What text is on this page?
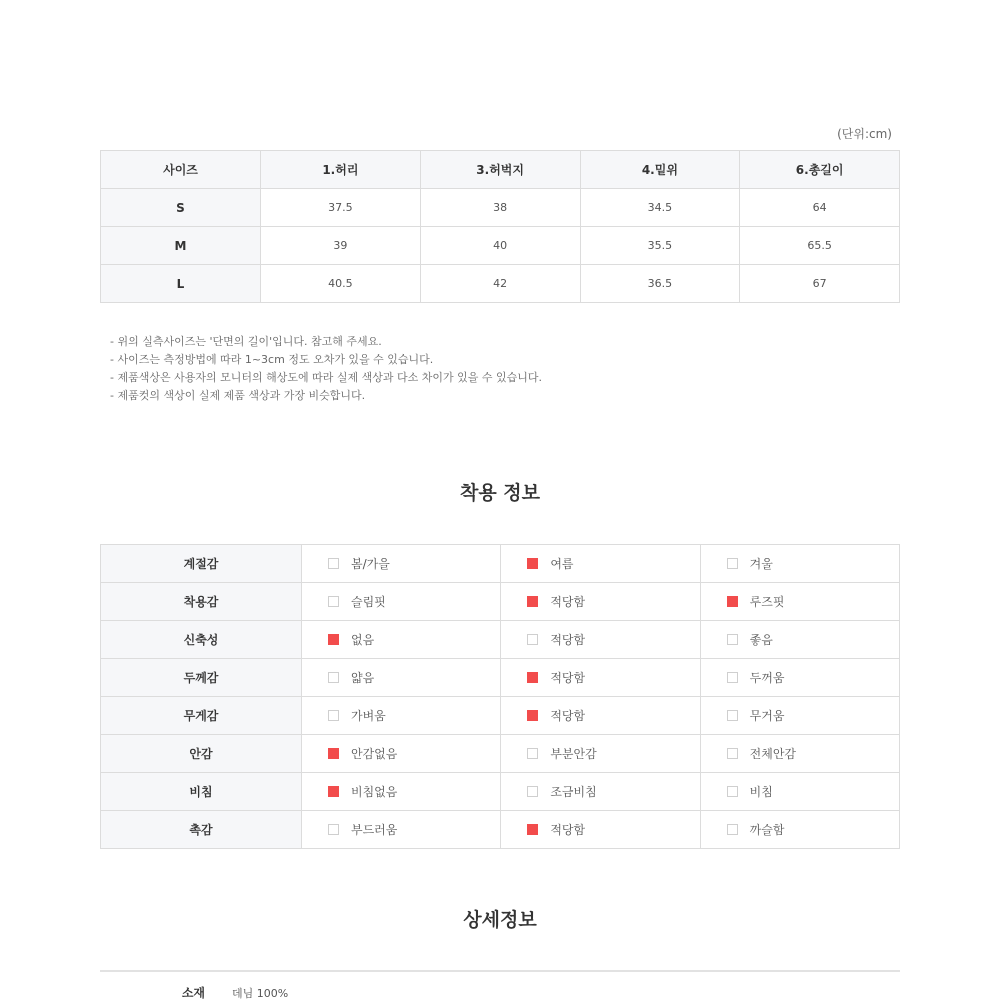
(단위:cm)
사이즈	1.허리	3.허벅지	4.밑위	6.총길이
S	37.5	38	34.5	64
M	39	40	35.5	65.5
L	40.5	42	36.5	67
- 위의 실측사이즈는 '단면의 길이'입니다. 참고해 주세요.
- 사이즈는 측정방법에 따라 1~3cm 정도 오차가 있을 수 있습니다.
- 제품색상은 사용자의 모니터의 해상도에 따라 실제 색상과 다소 차이가 있을 수 있습니다.
- 제품컷의 색상이 실제 제품 색상과 가장 비슷합니다.
착용 정보
계절감	봄/가을	여름	겨울
착용감	슬림핏	적당함	루즈핏
신축성	없음	적당함	좋음
두께감	얇음	적당함	두꺼움
무게감	가벼움	적당함	무거움
안감	안감없음	부분안감	전체안감
비침	비침없음	조금비침	비침
촉감	부드러움	적당함	까슬함
상세정보
소재 데님 100%
